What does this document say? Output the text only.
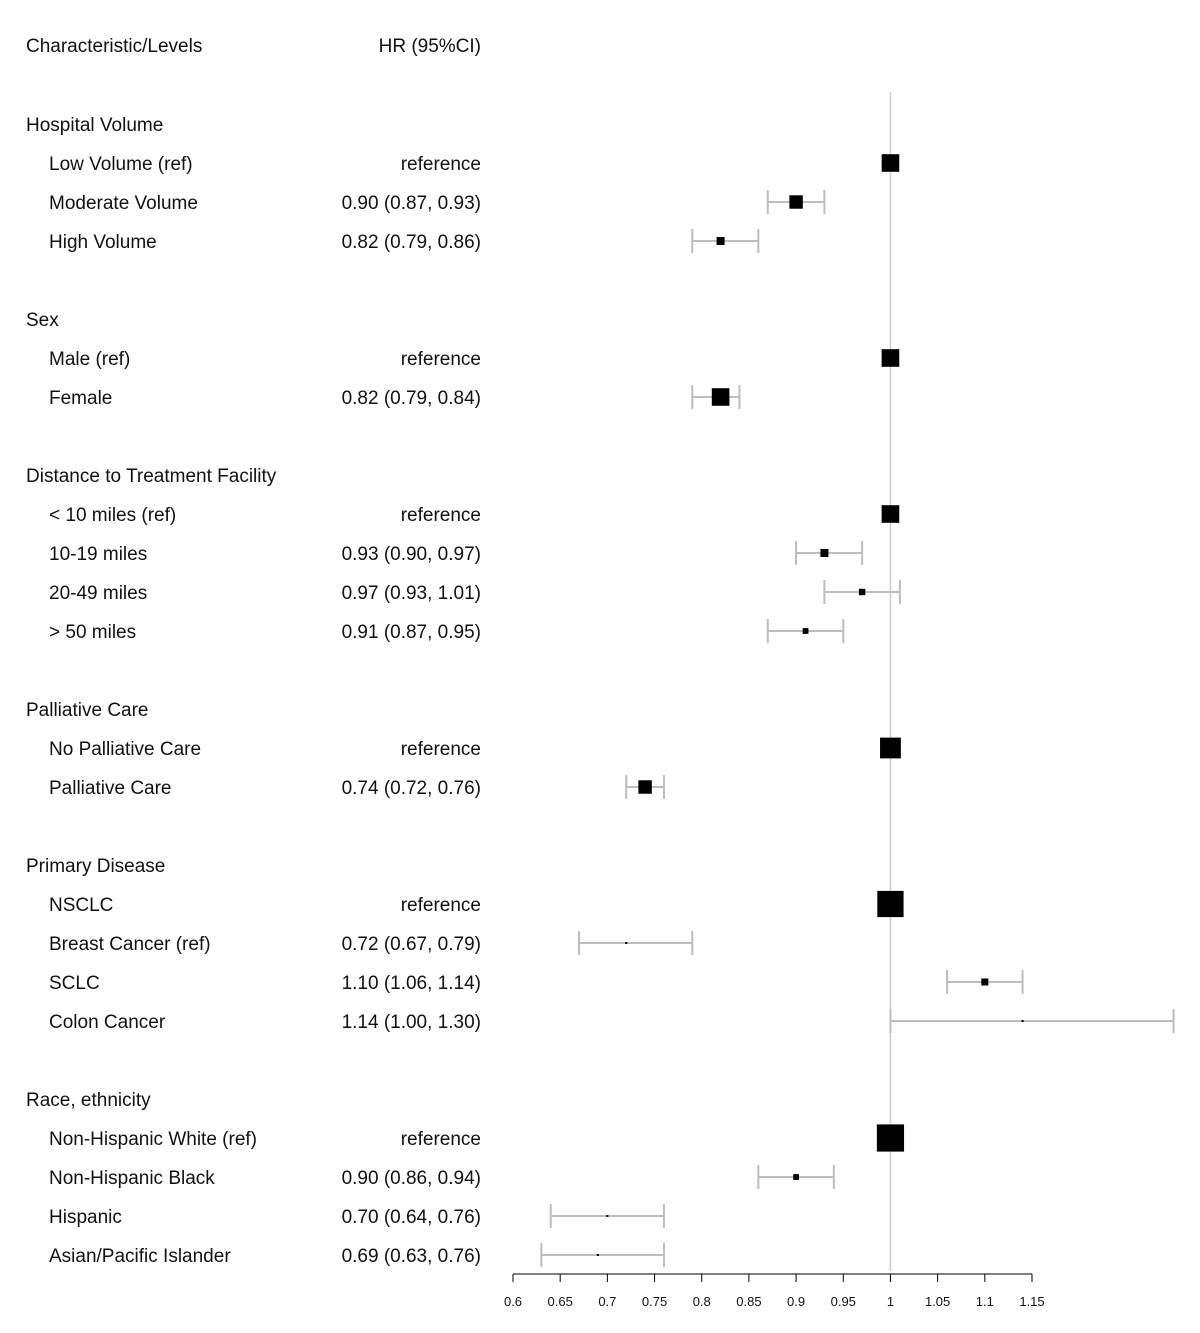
Characteristic/Levels	HR (95%CI)
Hospital Volume
Low Volume (ref)	reference
Moderate Volume	0.90 (0.87, 0.93)
High Volume	0.82 (0.79, 0.86)
Sex
Male (ref)	reference
Female	0.82 (0.79, 0.84)
Distance to Treatment Facility
< 10 miles (ref)	reference
10-19 miles	0.93 (0.90, 0.97)
20-49 miles	0.97 (0.93, 1.01)
> 50 miles	0.91 (0.87, 0.95)
Palliative Care
No Palliative Care	reference
Palliative Care	0.74 (0.72, 0.76)
Primary Disease
NSCLC	reference
Breast Cancer (ref)	0.72 (0.67, 0.79)
SCLC	1.10 (1.06, 1.14)
Colon Cancer	1.14 (1.00, 1.30)
Race, ethnicity
Non-Hispanic White (ref)	reference
Non-Hispanic Black	0.90 (0.86, 0.94)
Hispanic	0.70 (0.64, 0.76)
Asian/Pacific Islander	0.69 (0.63, 0.76)
0.6 0.65 0.7 0.75 0.8 0.85 0.9 0.95 1 1.05 1.1 1.15
